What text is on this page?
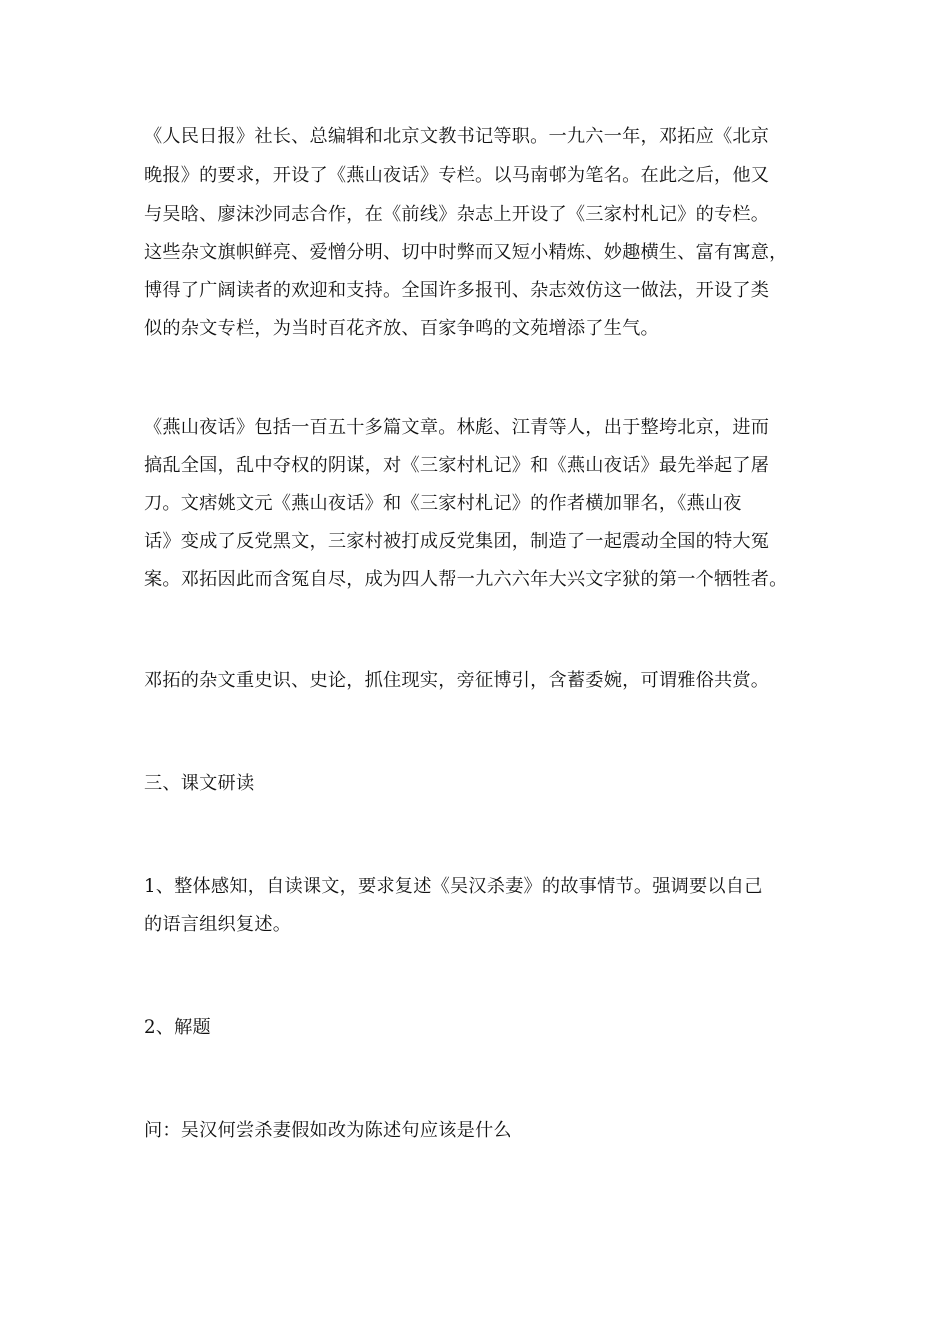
《人民日报》社长、总编辑和北京文教书记等职。一九六一年，邓拓应《北京
晚报》的要求，开设了《燕山夜话》专栏。以马南邨为笔名。在此之后，他又
与吴晗、廖沫沙同志合作，在《前线》杂志上开设了《三家村札记》的专栏。
这些杂文旗帜鲜亮、爱憎分明、切中时弊而又短小精炼、妙趣横生、富有寓意，
博得了广阔读者的欢迎和支持。全国许多报刊、杂志效仿这一做法，开设了类
似的杂文专栏，为当时百花齐放、百家争鸣的文苑增添了生气。
《燕山夜话》包括一百五十多篇文章。林彪、江青等人，出于整垮北京，进而
搞乱全国，乱中夺权的阴谋，对《三家村札记》和《燕山夜话》最先举起了屠
刀。文痞姚文元《燕山夜话》和《三家村札记》的作者横加罪名，《燕山夜
话》变成了反党黑文，三家村被打成反党集团，制造了一起震动全国的特大冤
案。邓拓因此而含冤自尽，成为四人帮一九六六年大兴文字狱的第一个牺牲者。
邓拓的杂文重史识、史论，抓住现实，旁征博引，含蓄委婉，可谓雅俗共赏。
三、课文研读
1、整体感知，自读课文，要求复述《吴汉杀妻》的故事情节。强调要以自己
的语言组织复述。
2、解题
问：吴汉何尝杀妻假如改为陈述句应该是什么
